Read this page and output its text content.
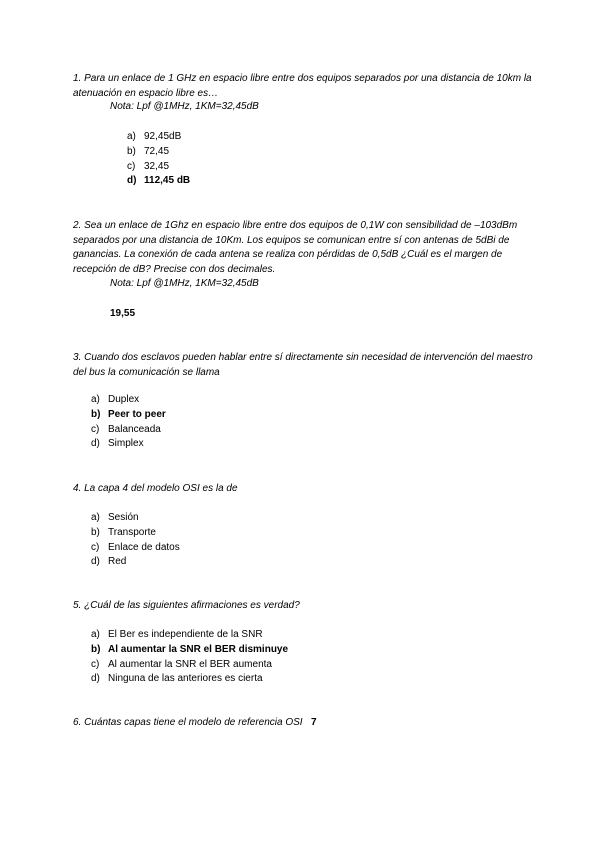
1. Para un enlace de 1 GHz en espacio libre entre dos equipos separados por una distancia de 10km la atenuación en espacio libre es…

Nota: Lpf @1MHz, 1KM=32,45dB
a) 92,45dB
b) 72,45
c) 32,45
d) 112,45 dB

2. Sea un enlace de 1Ghz en espacio libre entre dos equipos de 0,1W con sensibilidad de –103dBm separados por una distancia de 10Km. Los equipos se comunican entre sí con antenas de 5dBi de ganancias. La conexión de cada antena se realiza con pérdidas de 0,5dB ¿Cuál es el margen de recepción de dB? Precise con dos decimales.

Nota: Lpf @1MHz, 1KM=32,45dB
19,55

3. Cuando dos esclavos pueden hablar entre sí directamente sin necesidad de intervención del maestro del bus la comunicación se llama

a) Duplex
b) Peer to peer
c) Balanceada
d) Simplex

4. La capa 4 del modelo OSI es la de

a) Sesión
b) Transporte
c) Enlace de datos
d) Red

5. ¿Cuál de las siguientes afirmaciones es verdad?

a) El Ber es independiente de la SNR
b) Al aumentar la SNR el BER disminuye
c) Al aumentar la SNR el BER aumenta
d) Ninguna de las anteriores es cierta

6. Cuántas capas tiene el modelo de referencia OSI 7
